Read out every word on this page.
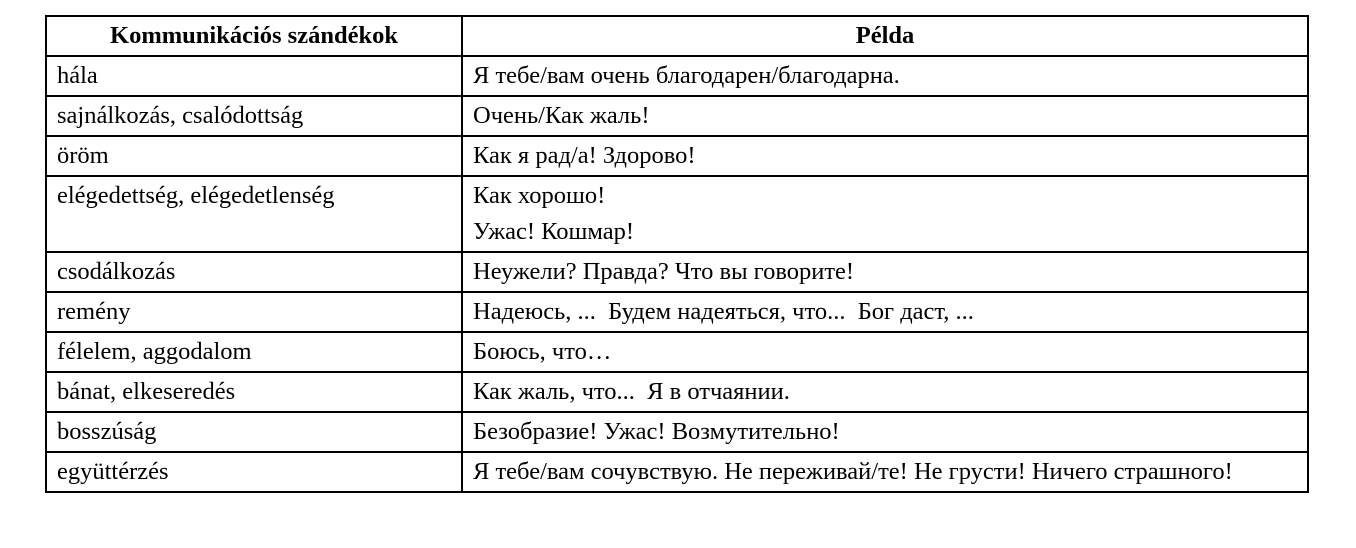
Kommunikációs szándékok	Példa
hála	Я тебе/вам очень благодарен/благодарна.

sajnálkozás, csalódottság	Очень/Как жаль!

öröm	Как я рад/а! Здорово!

elégedettség, elégedetlenség	Как хорошо!
Ужас! Кошмар!

csodálkozás	Неужели? Правда? Что вы говорите!

remény	Надеюсь, ...  Будем надеяться, что...  Бог даст, ...

félelem, aggodalom	Боюсь, что…

bánat, elkeseredés	Как жаль, что...  Я в отчаянии.

bosszúság	Безобразие! Ужас! Возмутительно!

együttérzés	Я тебе/вам сочувствую. Не переживай/те! Не грусти! Ничего страшного!
